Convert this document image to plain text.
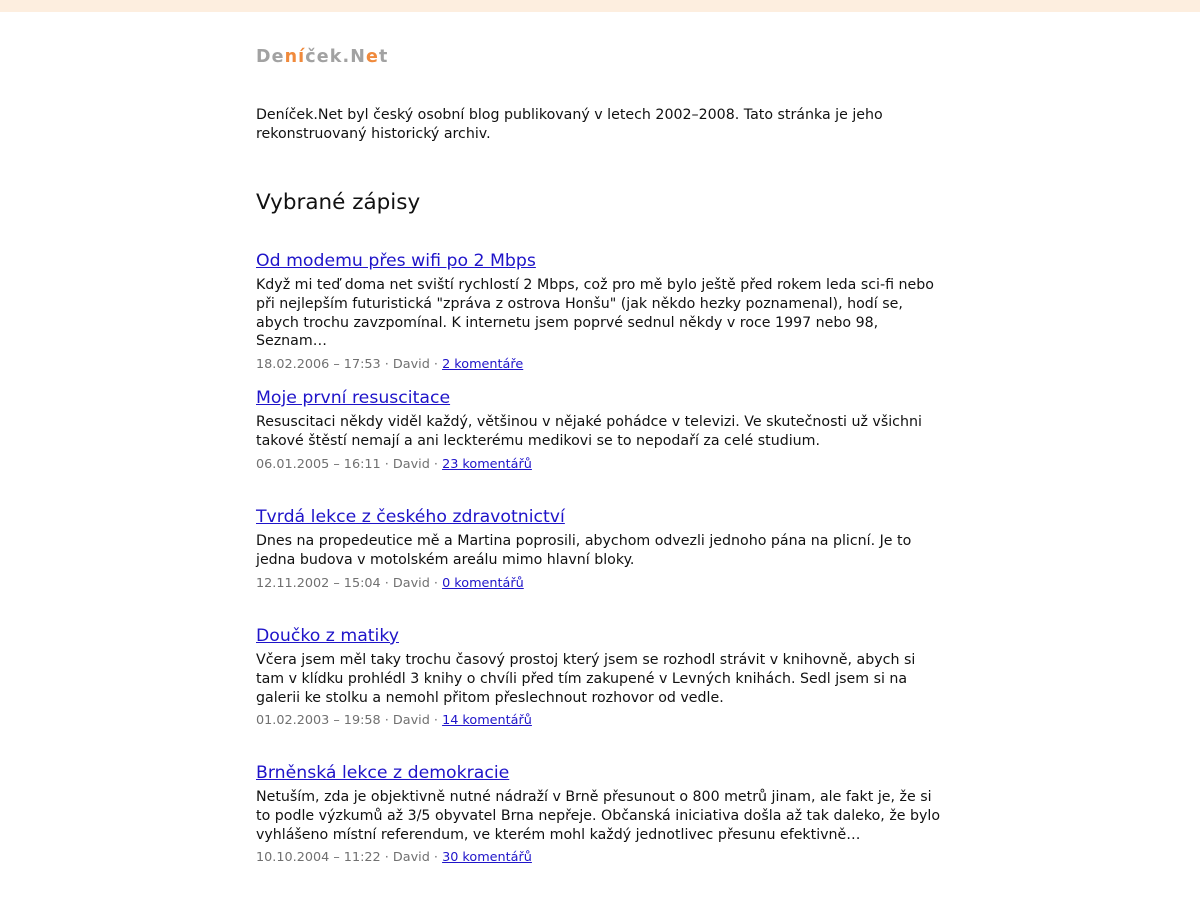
Deníček.Net

Deníček.Net byl český osobní blog publikovaný v letech 2002–2008. Tato stránka je jeho rekonstruovaný historický archiv.

Vybrané zápisy
Od modemu přes wifi po 2 Mbps

Když mi teď doma net sviští rychlostí 2 Mbps, což pro mě bylo ještě před rokem leda sci-fi nebo při nejlepším futuristická "zpráva z ostrova Honšu" (jak někdo hezky poznamenal), hodí se, abych trochu zavzpomínal. K internetu jsem poprvé sednul někdy v roce 1997 nebo 98, Seznam…

18.02.2006 – 17:53 · David · 2 komentáře
Moje první resuscitace

Resuscitaci někdy viděl každý, většinou v nějaké pohádce v televizi. Ve skutečnosti už všichni takové štěstí nemají a ani leckterému medikovi se to nepodaří za celé studium.

06.01.2005 – 16:11 · David · 23 komentářů
Tvrdá lekce z českého zdravotnictví

Dnes na propedeutice mě a Martina poprosili, abychom odvezli jednoho pána na plicní. Je to jedna budova v motolském areálu mimo hlavní bloky.

12.11.2002 – 15:04 · David · 0 komentářů
Doučko z matiky

Včera jsem měl taky trochu časový prostoj který jsem se rozhodl strávit v knihovně, abych si tam v klídku prohlédl 3 knihy o chvíli před tím zakupené v Levných knihách. Sedl jsem si na galerii ke stolku a nemohl přitom přeslechnout rozhovor od vedle.

01.02.2003 – 19:58 · David · 14 komentářů
Brněnská lekce z demokracie

Netuším, zda je objektivně nutné nádraží v Brně přesunout o 800 metrů jinam, ale fakt je, že si to podle výzkumů až 3/5 obyvatel Brna nepřeje. Občanská iniciativa došla až tak daleko, že bylo vyhlášeno místní referendum, ve kterém mohl každý jednotlivec přesunu efektivně…

10.10.2004 – 11:22 · David · 30 komentářů
